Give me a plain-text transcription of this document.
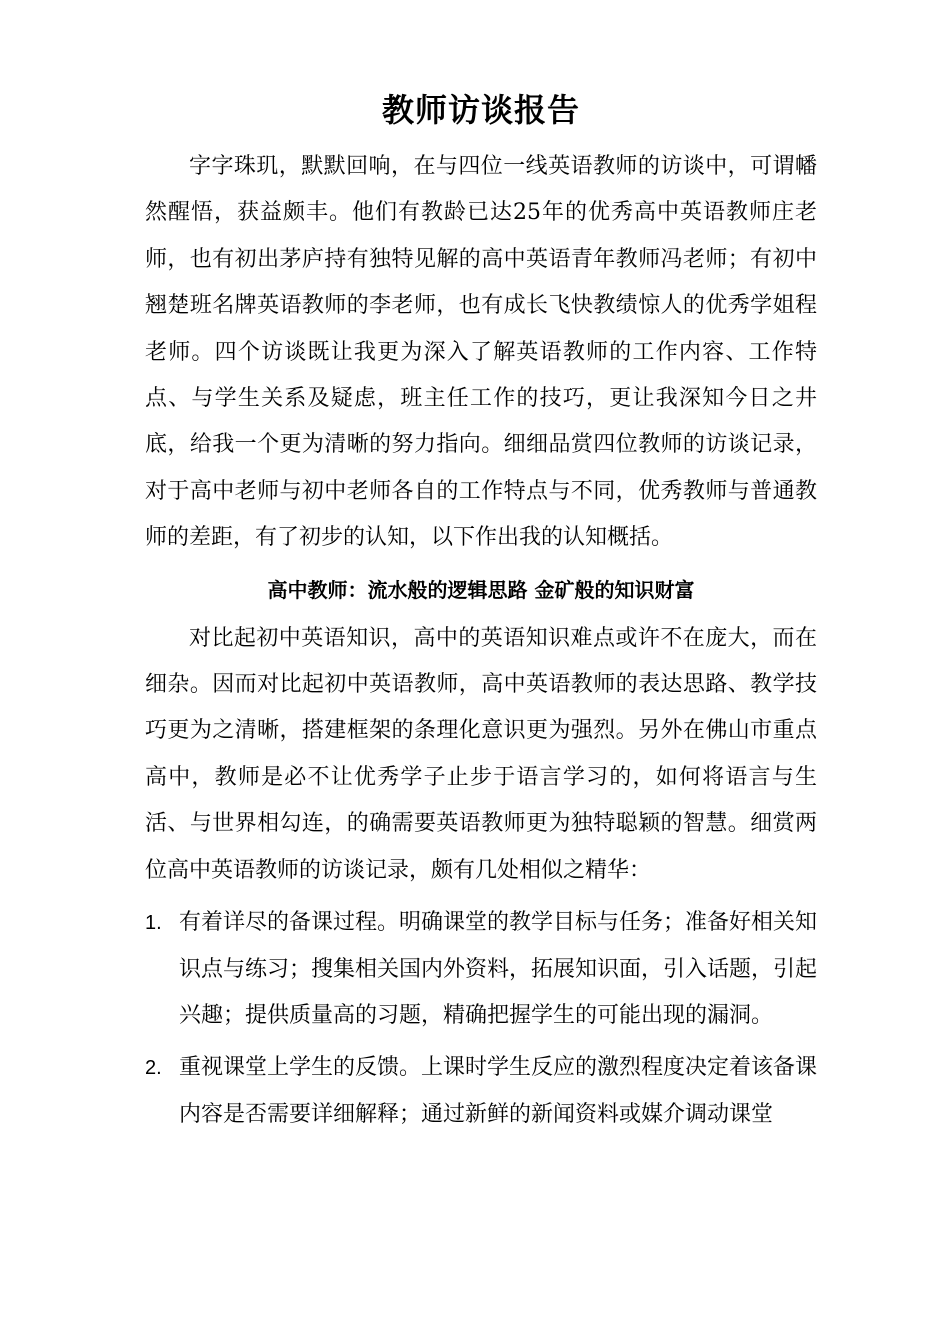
教师访谈报告

字字珠玑，默默回响，在与四位一线英语教师的访谈中，可谓幡然醒悟，获益颇丰。他们有教龄已达25年的优秀高中英语教师庄老师，也有初出茅庐持有独特见解的高中英语青年教师冯老师；有初中翘楚班名牌英语教师的李老师，也有成长飞快教绩惊人的优秀学姐程老师。四个访谈既让我更为深入了解英语教师的工作内容、工作特点、与学生关系及疑虑，班主任工作的技巧，更让我深知今日之井底，给我一个更为清晰的努力指向。细细品赏四位教师的访谈记录，对于高中老师与初中老师各自的工作特点与不同，优秀教师与普通教师的差距，有了初步的认知，以下作出我的认知概括。

高中教师：流水般的逻辑思路 金矿般的知识财富

对比起初中英语知识，高中的英语知识难点或许不在庞大，而在细杂。因而对比起初中英语教师，高中英语教师的表达思路、教学技巧更为之清晰，搭建框架的条理化意识更为强烈。另外在佛山市重点高中，教师是必不让优秀学子止步于语言学习的，如何将语言与生活、与世界相勾连，的确需要英语教师更为独特聪颖的智慧。细赏两位高中英语教师的访谈记录，颇有几处相似之精华：

1. 有着详尽的备课过程。明确课堂的教学目标与任务；准备好相关知识点与练习；搜集相关国内外资料，拓展知识面，引入话题，引起兴趣；提供质量高的习题，精确把握学生的可能出现的漏洞。
2. 重视课堂上学生的反馈。上课时学生反应的激烈程度决定着该备课内容是否需要详细解释；通过新鲜的新闻资料或媒介调动课堂
